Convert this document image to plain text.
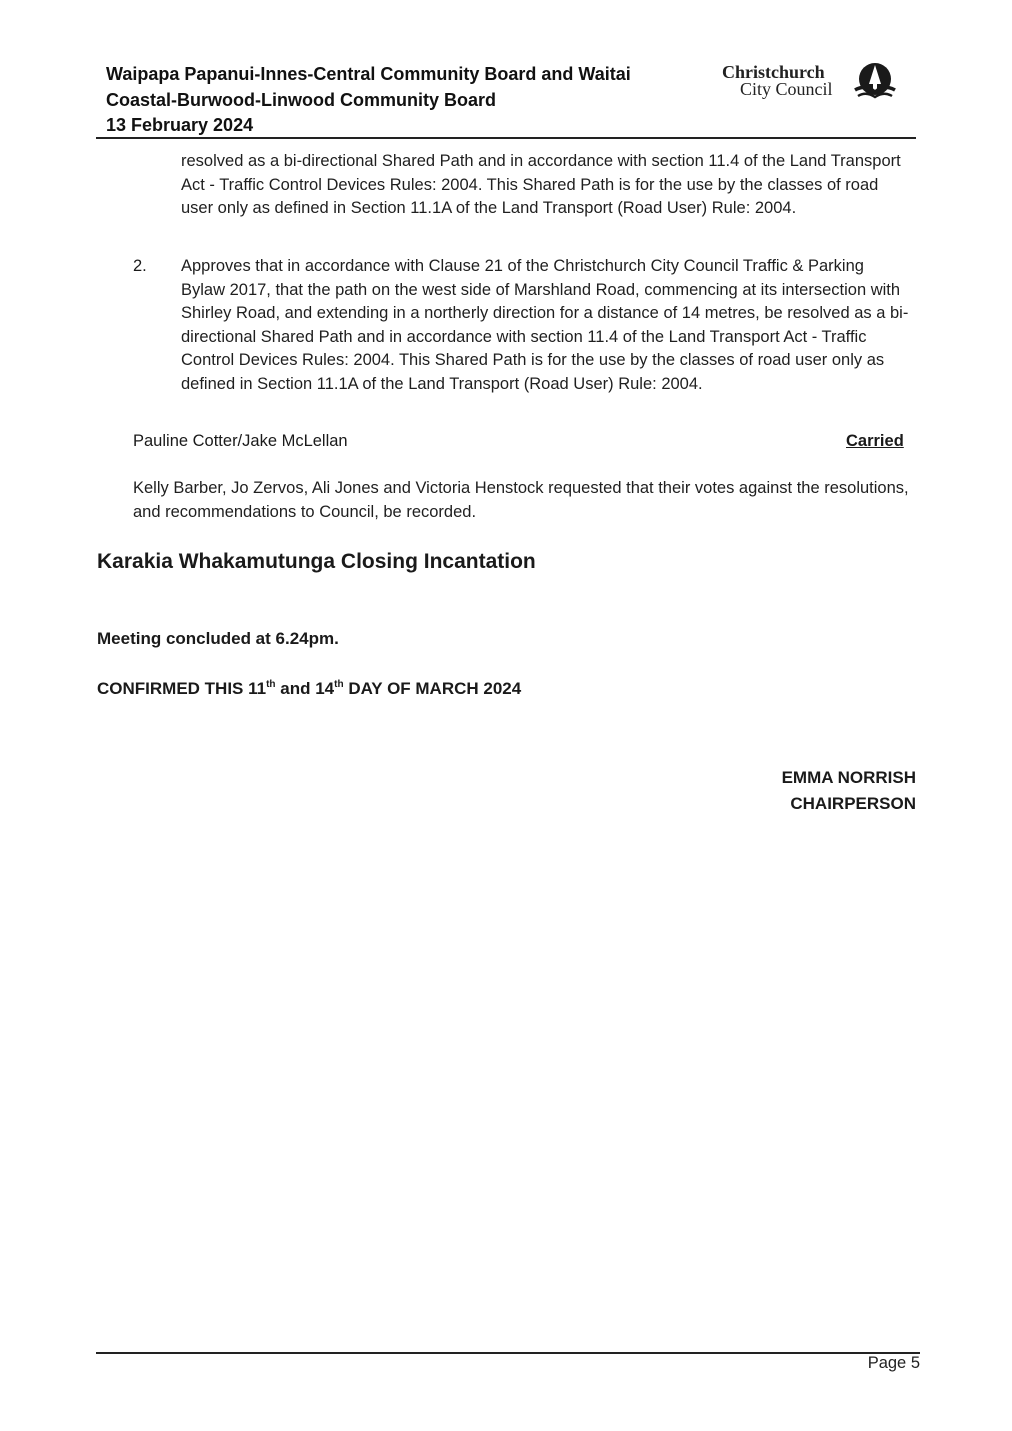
Waipapa Papanui-Innes-Central Community Board and Waitai
Coastal-Burwood-Linwood Community Board
13 February 2024
Christchurch
City Council
resolved as a bi-directional Shared Path and in accordance with section 11.4 of the Land Transport Act - Traffic Control Devices Rules: 2004. This Shared Path is for the use by the classes of road user only as defined in Section 11.1A of the Land Transport (Road User) Rule: 2004.
2. Approves that in accordance with Clause 21 of the Christchurch City Council Traffic & Parking Bylaw 2017, that the path on the west side of Marshland Road, commencing at its intersection with Shirley Road, and extending in a northerly direction for a distance of 14 metres, be resolved as a bi-directional Shared Path and in accordance with section 11.4 of the Land Transport Act - Traffic Control Devices Rules: 2004. This Shared Path is for the use by the classes of road user only as defined in Section 11.1A of the Land Transport (Road User) Rule: 2004.
Pauline Cotter/Jake McLellan	Carried
Kelly Barber, Jo Zervos, Ali Jones and Victoria Henstock requested that their votes against the resolutions, and recommendations to Council, be recorded.
Karakia Whakamutunga Closing Incantation
Meeting concluded at 6.24pm.
CONFIRMED THIS 11th and 14th DAY OF MARCH 2024
EMMA NORRISH
CHAIRPERSON
Page 5
